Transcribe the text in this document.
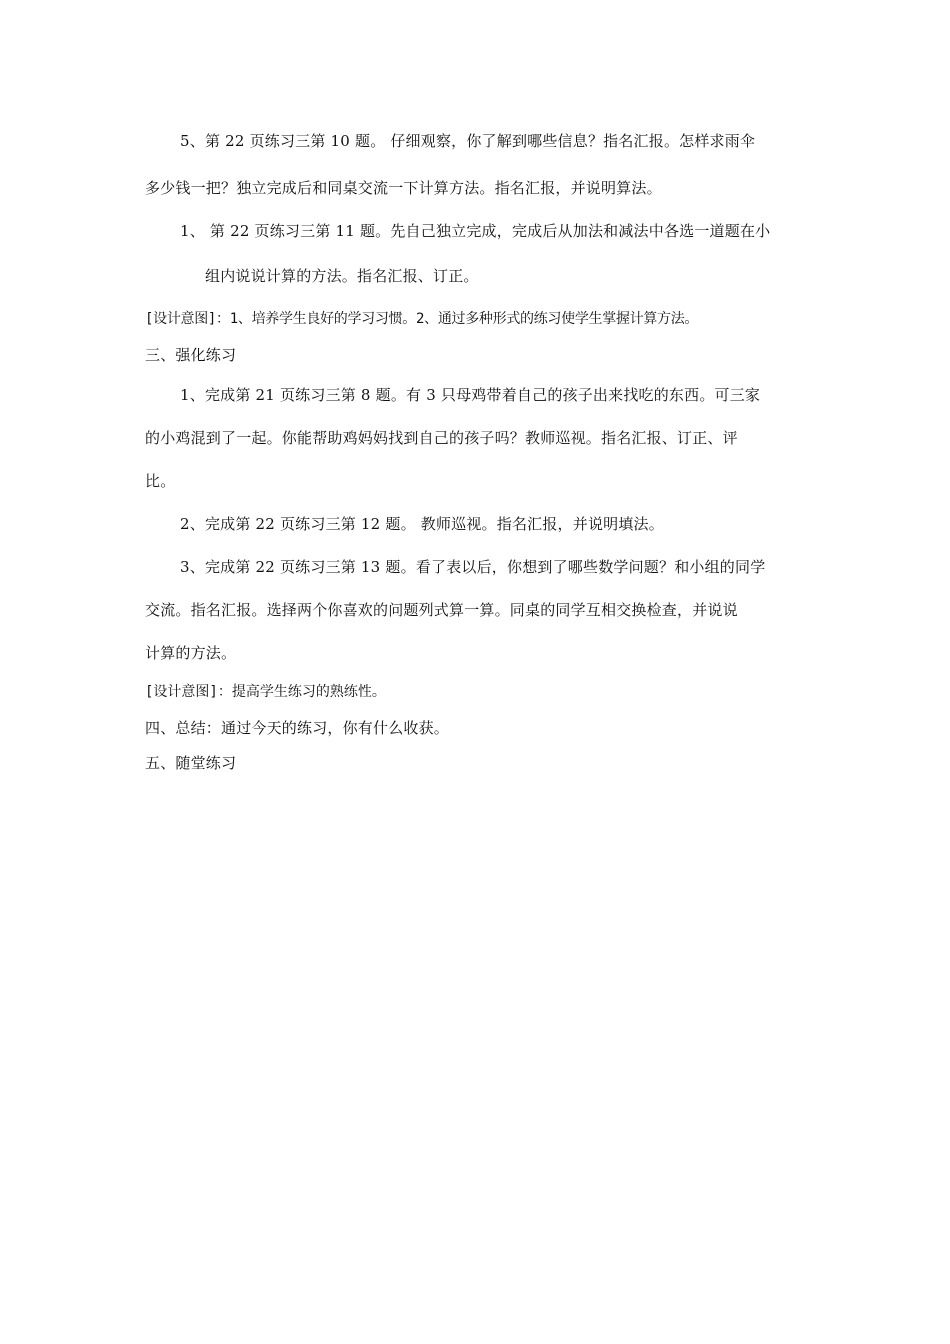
5、第 22 页练习三第 10 题。 仔细观察，你了解到哪些信息？指名汇报。怎样求雨伞

多少钱一把？独立完成后和同桌交流一下计算方法。指名汇报，并说明算法。

1、 第 22 页练习三第 11 题。先自己独立完成，完成后从加法和减法中各选一道题在小

组内说说计算的方法。指名汇报、订正。

[设计意图]：1、培养学生良好的学习习惯。2、通过多种形式的练习使学生掌握计算方法。

三、强化练习

1、完成第 21 页练习三第 8 题。有 3 只母鸡带着自己的孩子出来找吃的东西。可三家

的小鸡混到了一起。你能帮助鸡妈妈找到自己的孩子吗？教师巡视。指名汇报、订正、评

比。

2、完成第 22 页练习三第 12 题。 教师巡视。指名汇报，并说明填法。

3、完成第 22 页练习三第 13 题。看了表以后，你想到了哪些数学问题？和小组的同学

交流。指名汇报。选择两个你喜欢的问题列式算一算。同桌的同学互相交换检查，并说说

计算的方法。

[设计意图]：提高学生练习的熟练性。

四、总结：通过今天的练习，你有什么收获。

五、随堂练习
